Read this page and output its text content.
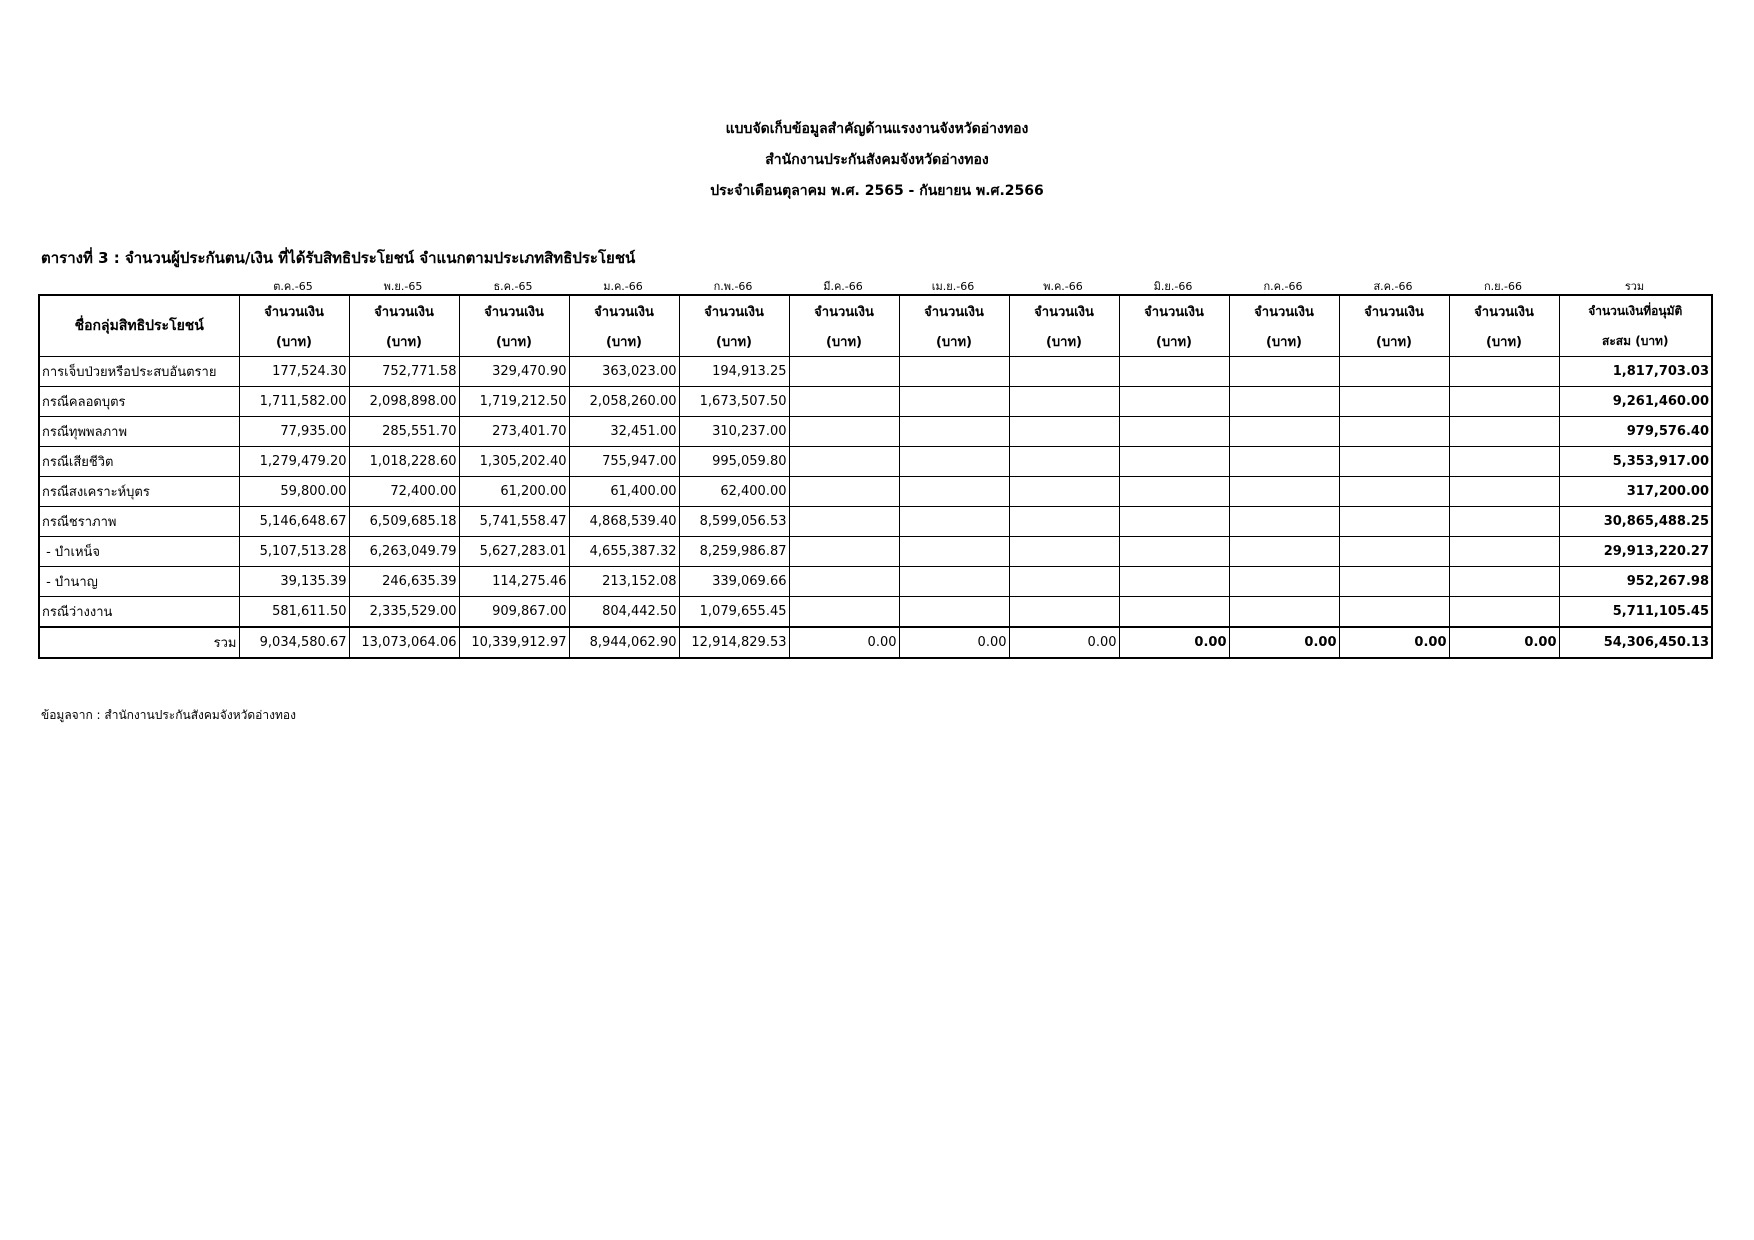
แบบจัดเก็บข้อมูลสำคัญด้านแรงงานจังหวัดอ่างทอง
สำนักงานประกันสังคมจังหวัดอ่างทอง
ประจำเดือนตุลาคม พ.ศ. 2565 - กันยายน พ.ศ.2566
ตารางที่ 3 : จำนวนผู้ประกันตน/เงิน ที่ได้รับสิทธิประโยชน์ จำแนกตามประเภทสิทธิประโยชน์
ต.ค.-65	พ.ย.-65	ธ.ค.-65	ม.ค.-66	ก.พ.-66	มี.ค.-66	เม.ย.-66	พ.ค.-66	มิ.ย.-66	ก.ค.-66	ส.ค.-66	ก.ย.-66	รวม
ชื่อกลุ่มสิทธิประโยชน์	จำนวนเงิน	จำนวนเงิน	จำนวนเงิน	จำนวนเงิน	จำนวนเงิน	จำนวนเงิน	จำนวนเงิน	จำนวนเงิน	จำนวนเงิน	จำนวนเงิน	จำนวนเงิน	จำนวนเงิน	จำนวนเงินที่อนุมัติ
	(บาท)	(บาท)	(บาท)	(บาท)	(บาท)	(บาท)	(บาท)	(บาท)	(บาท)	(บาท)	(บาท)	(บาท)	สะสม (บาท)
การเจ็บป่วยหรือประสบอันตราย	177,524.30	752,771.58	329,470.90	363,023.00	194,913.25								1,817,703.03
กรณีคลอดบุตร	1,711,582.00	2,098,898.00	1,719,212.50	2,058,260.00	1,673,507.50								9,261,460.00
กรณีทุพพลภาพ	77,935.00	285,551.70	273,401.70	32,451.00	310,237.00								979,576.40
กรณีเสียชีวิต	1,279,479.20	1,018,228.60	1,305,202.40	755,947.00	995,059.80								5,353,917.00
กรณีสงเคราะห์บุตร	59,800.00	72,400.00	61,200.00	61,400.00	62,400.00								317,200.00
กรณีชราภาพ	5,146,648.67	6,509,685.18	5,741,558.47	4,868,539.40	8,599,056.53								30,865,488.25
- บำเหน็จ	5,107,513.28	6,263,049.79	5,627,283.01	4,655,387.32	8,259,986.87								29,913,220.27
- บำนาญ	39,135.39	246,635.39	114,275.46	213,152.08	339,069.66								952,267.98
กรณีว่างงาน	581,611.50	2,335,529.00	909,867.00	804,442.50	1,079,655.45								5,711,105.45
รวม	9,034,580.67	13,073,064.06	10,339,912.97	8,944,062.90	12,914,829.53	0.00	0.00	0.00	0.00	0.00	0.00	0.00	54,306,450.13
ข้อมูลจาก : สำนักงานประกันสังคมจังหวัดอ่างทอง
